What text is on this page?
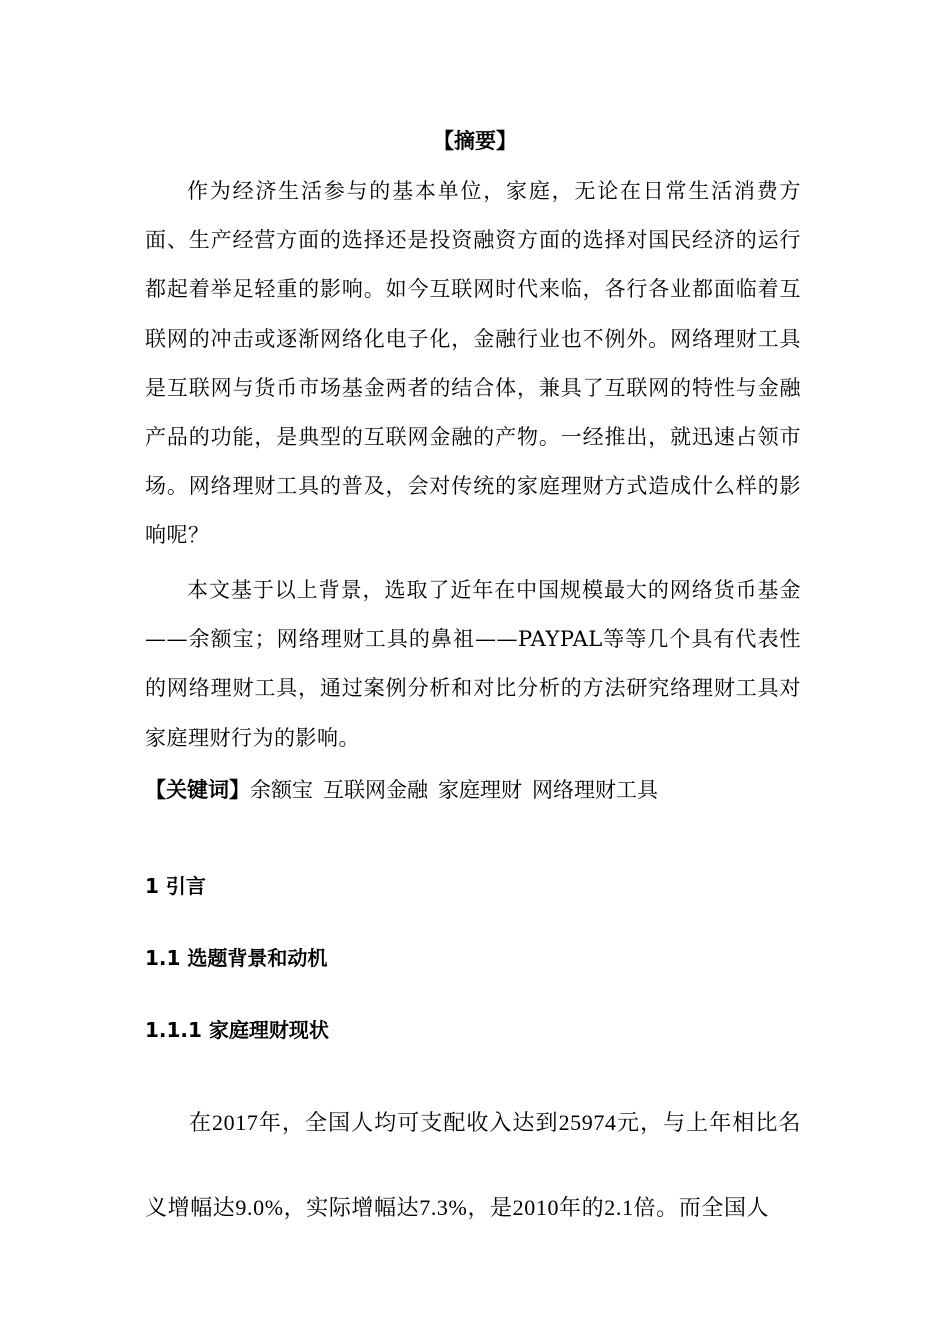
【摘要】

作为经济生活参与的基本单位，家庭，无论在日常生活消费方面、生产经营方面的选择还是投资融资方面的选择对国民经济的运行都起着举足轻重的影响。如今互联网时代来临，各行各业都面临着互联网的冲击或逐渐网络化电子化，金融行业也不例外。网络理财工具是互联网与货币市场基金两者的结合体，兼具了互联网的特性与金融产品的功能，是典型的互联网金融的产物。一经推出，就迅速占领市场。网络理财工具的普及，会对传统的家庭理财方式造成什么样的影响呢？

本文基于以上背景，选取了近年在中国规模最大的网络货币基金——余额宝；网络理财工具的鼻祖——PAYPAL等等几个具有代表性的网络理财工具，通过案例分析和对比分析的方法研究络理财工具对家庭理财行为的影响。

【关键词】余额宝 互联网金融 家庭理财 网络理财工具
1 引言
1.1 选题背景和动机
1.1.1 家庭理财现状

在2017年，全国人均可支配收入达到25974元，与上年相比名义增幅达9.0%，实际增幅达7.3%，是2010年的2.1倍。而全国人
